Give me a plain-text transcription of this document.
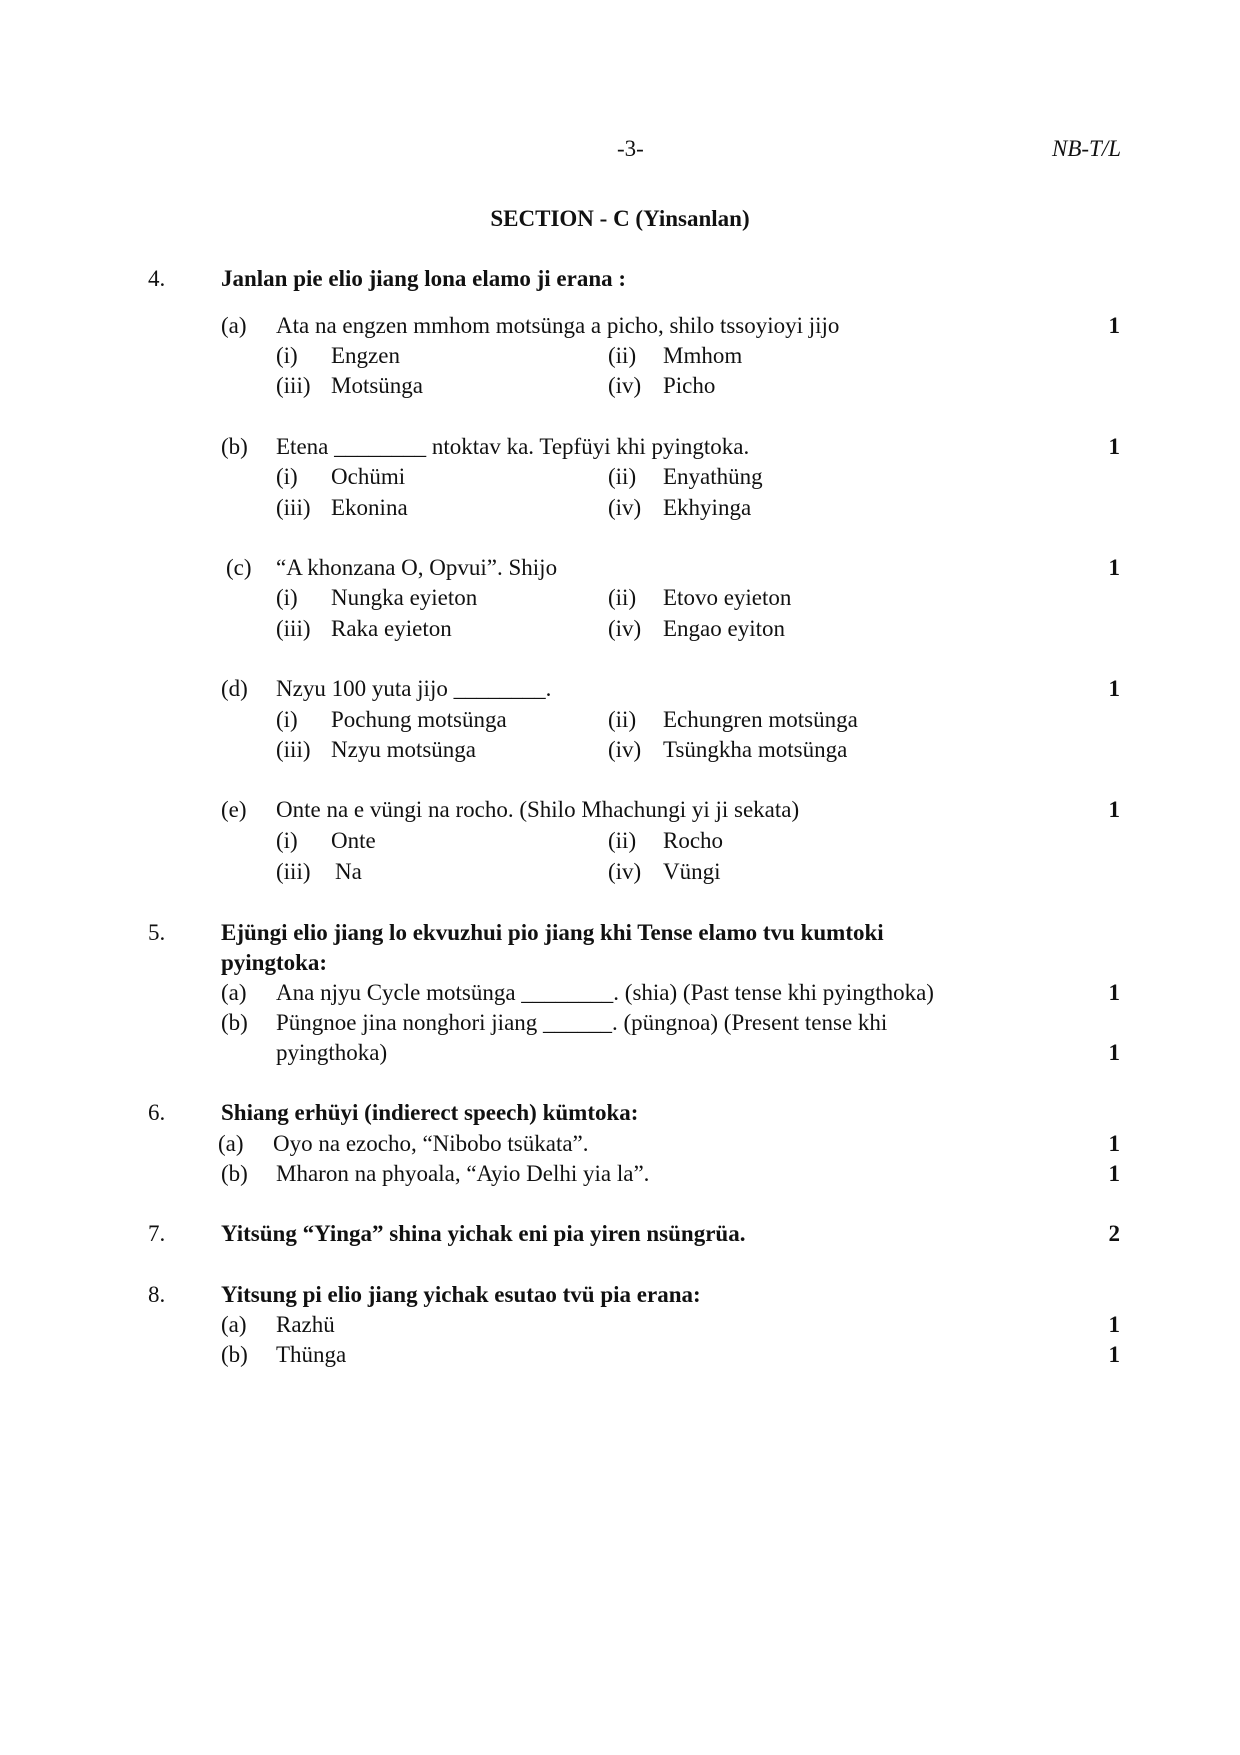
-3-	NB-T/L
SECTION - C (Yinsanlan)
4. Janlan pie elio jiang lona elamo ji erana :
(a) Ata na engzen mmhom motsünga a picho, shilo tssoyioyi jijo	1
(i) Engzen	(ii) Mmhom
(iii) Motsünga	(iv) Picho
(b) Etena ________ ntoktav ka. Tepfüyi khi pyingtoka.	1
(i) Ochümi	(ii) Enyathüng
(iii) Ekonina	(iv) Ekhyinga
(c) “A khonzana O, Opvui”. Shijo	1
(i) Nungka eyieton	(ii) Etovo eyieton
(iii) Raka eyieton	(iv) Engao eyiton
(d) Nzyu 100 yuta jijo ________.	1
(i) Pochung motsünga	(ii) Echungren motsünga
(iii) Nzyu motsünga	(iv) Tsüngkha motsünga
(e) Onte na e vüngi na rocho. (Shilo Mhachungi yi ji sekata)	1
(i) Onte	(ii) Rocho
(iii) Na	(iv) Vüngi
5. Ejüngi elio jiang lo ekvuzhui pio jiang khi Tense elamo tvu kumtoki
pyingtoka:
(a) Ana njyu Cycle motsünga ________. (shia) (Past tense khi pyingthoka)	1
(b) Püngnoe jina nonghori jiang ______. (püngnoa) (Present tense khi
pyingthoka)	1
6. Shiang erhüyi (indierect speech) kümtoka:
(a) Oyo na ezocho, “Nibobo tsükata”.	1
(b) Mharon na phyoala, “Ayio Delhi yia la”.	1
7. Yitsüng “Yinga” shina yichak eni pia yiren nsüngrüa.	2
8. Yitsung pi elio jiang yichak esutao tvü pia erana:
(a) Razhü	1
(b) Thünga	1
